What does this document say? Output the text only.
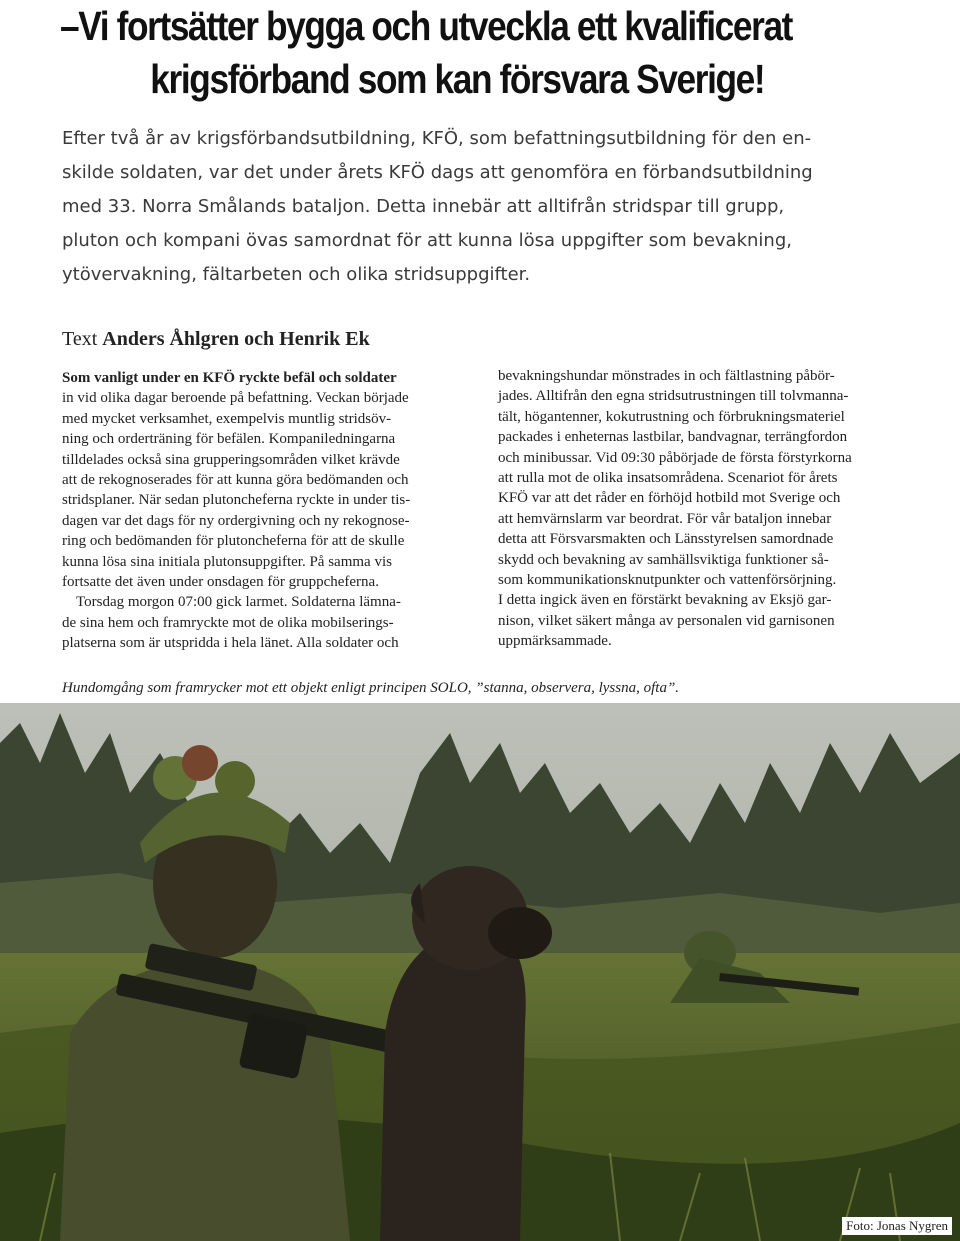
–Vi fortsätter bygga och utveckla ett kvalificerat
krigsförband som kan försvara Sverige!

Efter två år av krigsförbandsutbildning, KFÖ, som befattningsutbildning för den en-
skilde soldaten, var det under årets KFÖ dags att genomföra en förbandsutbildning
med 33. Norra Smålands bataljon. Detta innebär att alltifrån stridspar till grupp,
pluton och kompani övas samordnat för att kunna lösa uppgifter som bevakning,
ytövervakning, fältarbeten och olika stridsuppgifter.

Text Anders Åhlgren och Henrik Ek
Som vanligt under en KFÖ ryckte befäl och soldater
in vid olika dagar beroende på befattning. Veckan började
med mycket verksamhet, exempelvis muntlig stridsöv-
ning och orderträning för befälen. Kompaniledningarna
tilldelades också sina grupperingsområden vilket krävde
att de rekognoserades för att kunna göra bedömanden och
stridsplaner. När sedan plutoncheferna ryckte in under tis-
dagen var det dags för ny ordergivning och ny rekognose-
ring och bedömanden för plutoncheferna för att de skulle
kunna lösa sina initiala plutonsuppgifter. På samma vis
fortsatte det även under onsdagen för gruppcheferna.
Torsdag morgon 07:00 gick larmet. Soldaterna lämna-
de sina hem och framryckte mot de olika mobilserings-
platserna som är utspridda i hela länet. Alla soldater och
bevakningshundar mönstrades in och fältlastning påbör-
jades. Alltifrån den egna stridsutrustningen till tolvmanna-
tält, högantenner, kokutrustning och förbrukningsmateriel
packades i enheternas lastbilar, bandvagnar, terrängfordon
och minibussar. Vid 09:30 påbörjade de första förstyrkorna
att rulla mot de olika insatsområdena. Scenariot för årets
KFÖ var att det råder en förhöjd hotbild mot Sverige och
att hemvärnslarm var beordrat. För vår bataljon innebar
detta att Försvarsmakten och Länsstyrelsen samordnade
skydd och bevakning av samhällsviktiga funktioner så-
som kommunikationsknutpunkter och vattenförsörjning.
I detta ingick även en förstärkt bevakning av Eksjö gar-
nison, vilket säkert många av personalen vid garnisonen
uppmärksammade.
Hundomgång som framrycker mot ett objekt enligt principen SOLO, ”stanna, observera, lyssna, ofta”.
Foto: Jonas Nygren
